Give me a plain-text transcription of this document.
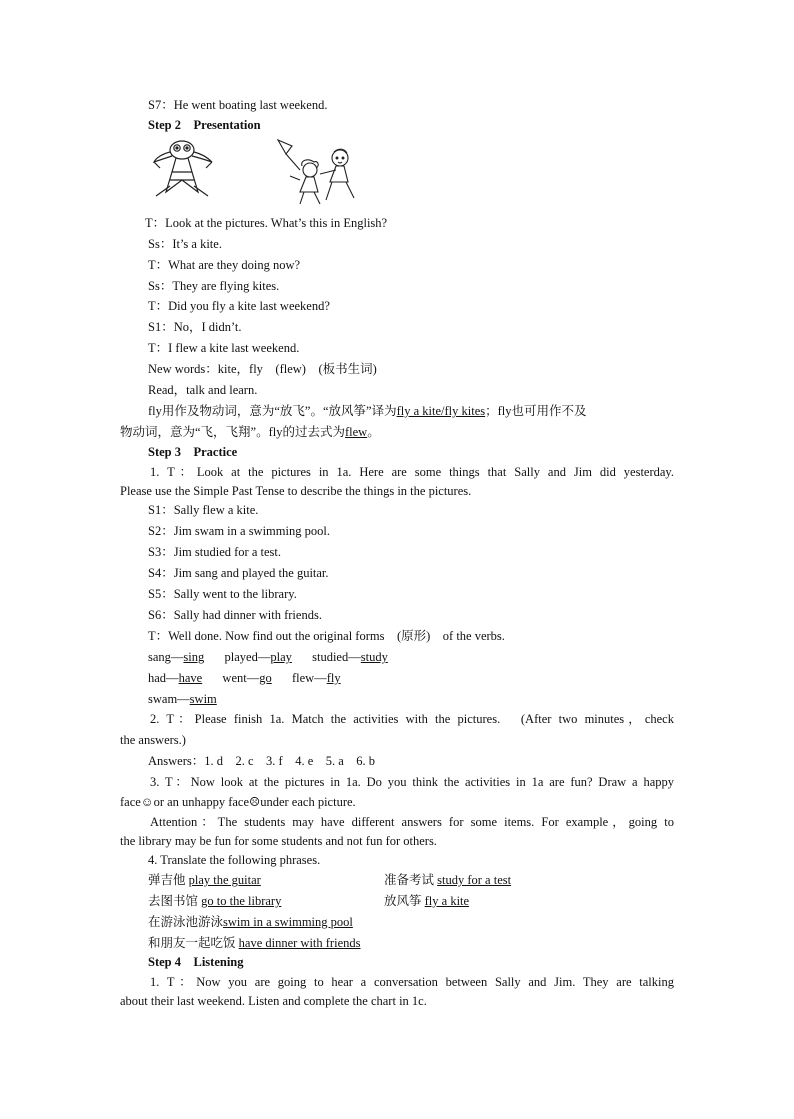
S7：He went boating last weekend.
Step 2　Presentation
T：Look at the pictures. What’s this in English?
Ss：It’s a kite.
T：What are they doing now?
Ss：They are flying kites.
T：Did you fly a kite last weekend?
S1：No，I didn’t.
T：I flew a kite last weekend.
New words：kite，fly　(flew)　(板书生词)
Read，talk and learn.
fly用作及物动词，意为“放飞”。“放风筝”译为fly a kite/fly kites；fly也可用作不及
物动词，意为“飞，飞翔”。fly的过去式为flew。
Step 3　Practice
1. T：Look at the pictures in 1a. Here are some things that Sally and Jim did yesterday.
Please use the Simple Past Tense to describe the things in the pictures.
S1：Sally flew a kite.
S2：Jim swam in a swimming pool.
S3：Jim studied for a test.
S4：Jim sang and played the guitar.
S5：Sally went to the library.
S6：Sally had dinner with friends.
T：Well done. Now find out the original forms　(原形)　of the verbs.
sang—sing played—play studied—study
had—have went—go flew—fly
swam—swim
2. T：Please finish 1a. Match the activities with the pictures.　(After two minutes，check
the answers.)
Answers：1. d　2. c　3. f　4. e　5. a　6. b
3. T：Now look at the pictures in 1a. Do you think the activities in 1a are fun? Draw a happy
face☺or an unhappy face☹under each picture.
Attention：The students may have different answers for some items. For example，going to
the library may be fun for some students and not fun for others.
4. Translate the following phrases.
弹吉他 play the guitar	准备考试 study for a test
去图书馆 go to the library	放风筝 fly a kite
在游泳池游泳swim in a swimming pool
和朋友一起吃饭 have dinner with friends
Step 4　Listening
1. T：Now you are going to hear a conversation between Sally and Jim. They are talking
about their last weekend. Listen and complete the chart in 1c.
